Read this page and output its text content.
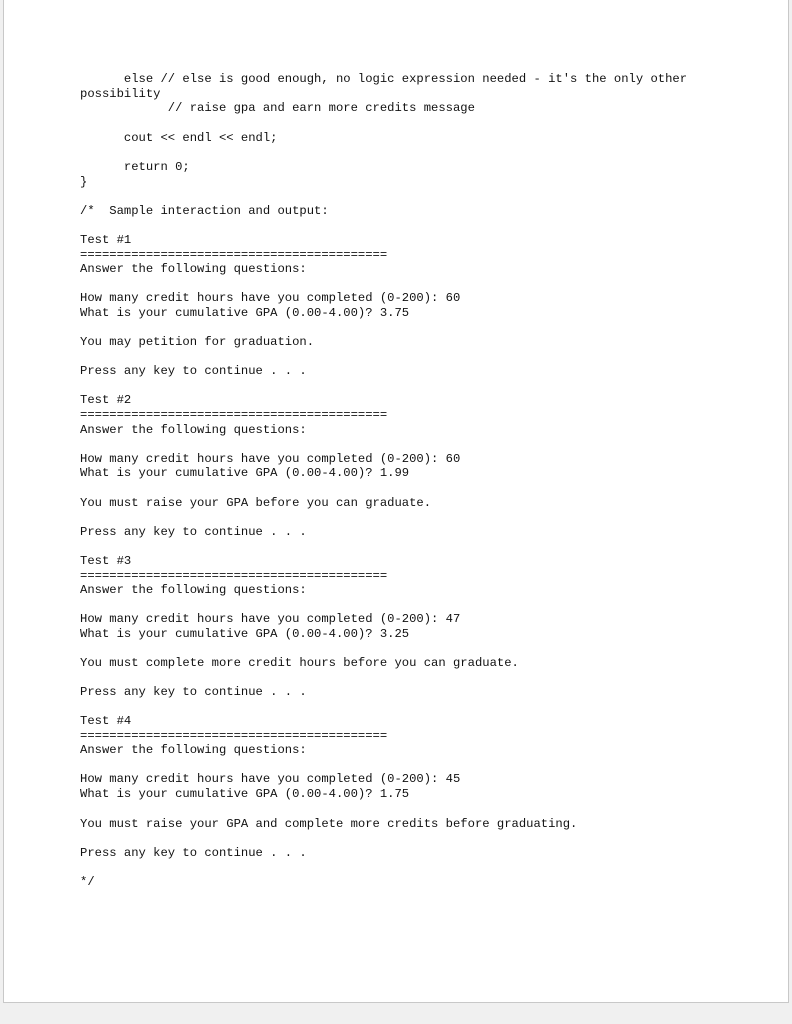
else // else is good enough, no logic expression needed - it's the only other
possibility
// raise gpa and earn more credits message
cout << endl << endl;
return 0;
}
/*  Sample interaction and output:
Test #1
==========================================
Answer the following questions:
How many credit hours have you completed (0-200): 60
What is your cumulative GPA (0.00-4.00)? 3.75
You may petition for graduation.
Press any key to continue . . .
Test #2
==========================================
Answer the following questions:
How many credit hours have you completed (0-200): 60
What is your cumulative GPA (0.00-4.00)? 1.99
You must raise your GPA before you can graduate.
Press any key to continue . . .
Test #3
==========================================
Answer the following questions:
How many credit hours have you completed (0-200): 47
What is your cumulative GPA (0.00-4.00)? 3.25
You must complete more credit hours before you can graduate.
Press any key to continue . . .
Test #4
==========================================
Answer the following questions:
How many credit hours have you completed (0-200): 45
What is your cumulative GPA (0.00-4.00)? 1.75
You must raise your GPA and complete more credits before graduating.
Press any key to continue . . .
*/
